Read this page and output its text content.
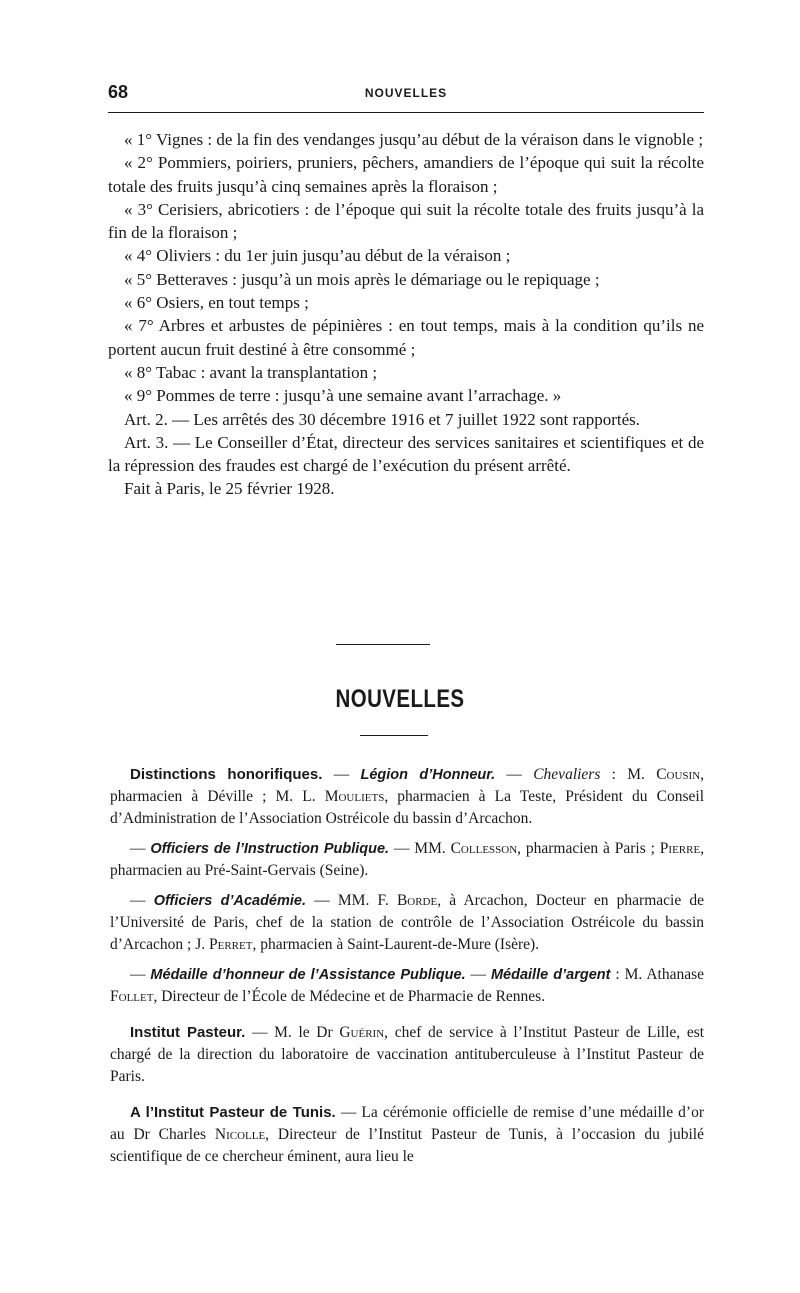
68	NOUVELLES

« 1° Vignes : de la fin des vendanges jusqu’au début de la véraison dans le vignoble ;

« 2° Pommiers, poiriers, pruniers, pêchers, amandiers de l’époque qui suit la récolte totale des fruits jusqu’à cinq semaines après la floraison ;

« 3° Cerisiers, abricotiers : de l’époque qui suit la récolte totale des fruits jusqu’à la fin de la floraison ;

« 4° Oliviers : du 1er juin jusqu’au début de la véraison ;

« 5° Betteraves : jusqu’à un mois après le démariage ou le repiquage ;

« 6° Osiers, en tout temps ;

« 7° Arbres et arbustes de pépinières : en tout temps, mais à la condition qu’ils ne portent aucun fruit destiné à être consommé ;

« 8° Tabac : avant la transplantation ;

« 9° Pommes de terre : jusqu’à une semaine avant l’arrachage. »

Art. 2. — Les arrêtés des 30 décembre 1916 et 7 juillet 1922 sont rapportés.

Art. 3. — Le Conseiller d’État, directeur des services sanitaires et scientifiques et de la répression des fraudes est chargé de l’exécution du présent arrêté.

Fait à Paris, le 25 février 1928.

NOUVELLES

Distinctions honorifiques. — Légion d’Honneur. — Chevaliers : M. Cousin, pharmacien à Déville ; M. L. Mouliets, pharmacien à La Teste, Président du Conseil d’Administration de l’Association Ostréicole du bassin d’Arcachon.

— Officiers de l’Instruction Publique. — MM. Collesson, pharmacien à Paris ; Pierre, pharmacien au Pré-Saint-Gervais (Seine).

— Officiers d’Académie. — MM. F. Borde, à Arcachon, Docteur en pharmacie de l’Université de Paris, chef de la station de contrôle de l’Association Ostréicole du bassin d’Arcachon ; J. Perret, pharmacien à Saint-Laurent-de-Mure (Isère).

— Médaille d’honneur de l’Assistance Publique. — Médaille d’argent : M. Athanase Follet, Directeur de l’École de Médecine et de Pharmacie de Rennes.

Institut Pasteur. — M. le Dr Guérin, chef de service à l’Institut Pasteur de Lille, est chargé de la direction du laboratoire de vaccination antituberculeuse à l’Institut Pasteur de Paris.

A l’Institut Pasteur de Tunis. — La cérémonie officielle de remise d’une médaille d’or au Dr Charles Nicolle, Directeur de l’Institut Pasteur de Tunis, à l’occasion du jubilé scientifique de ce chercheur éminent, aura lieu le
